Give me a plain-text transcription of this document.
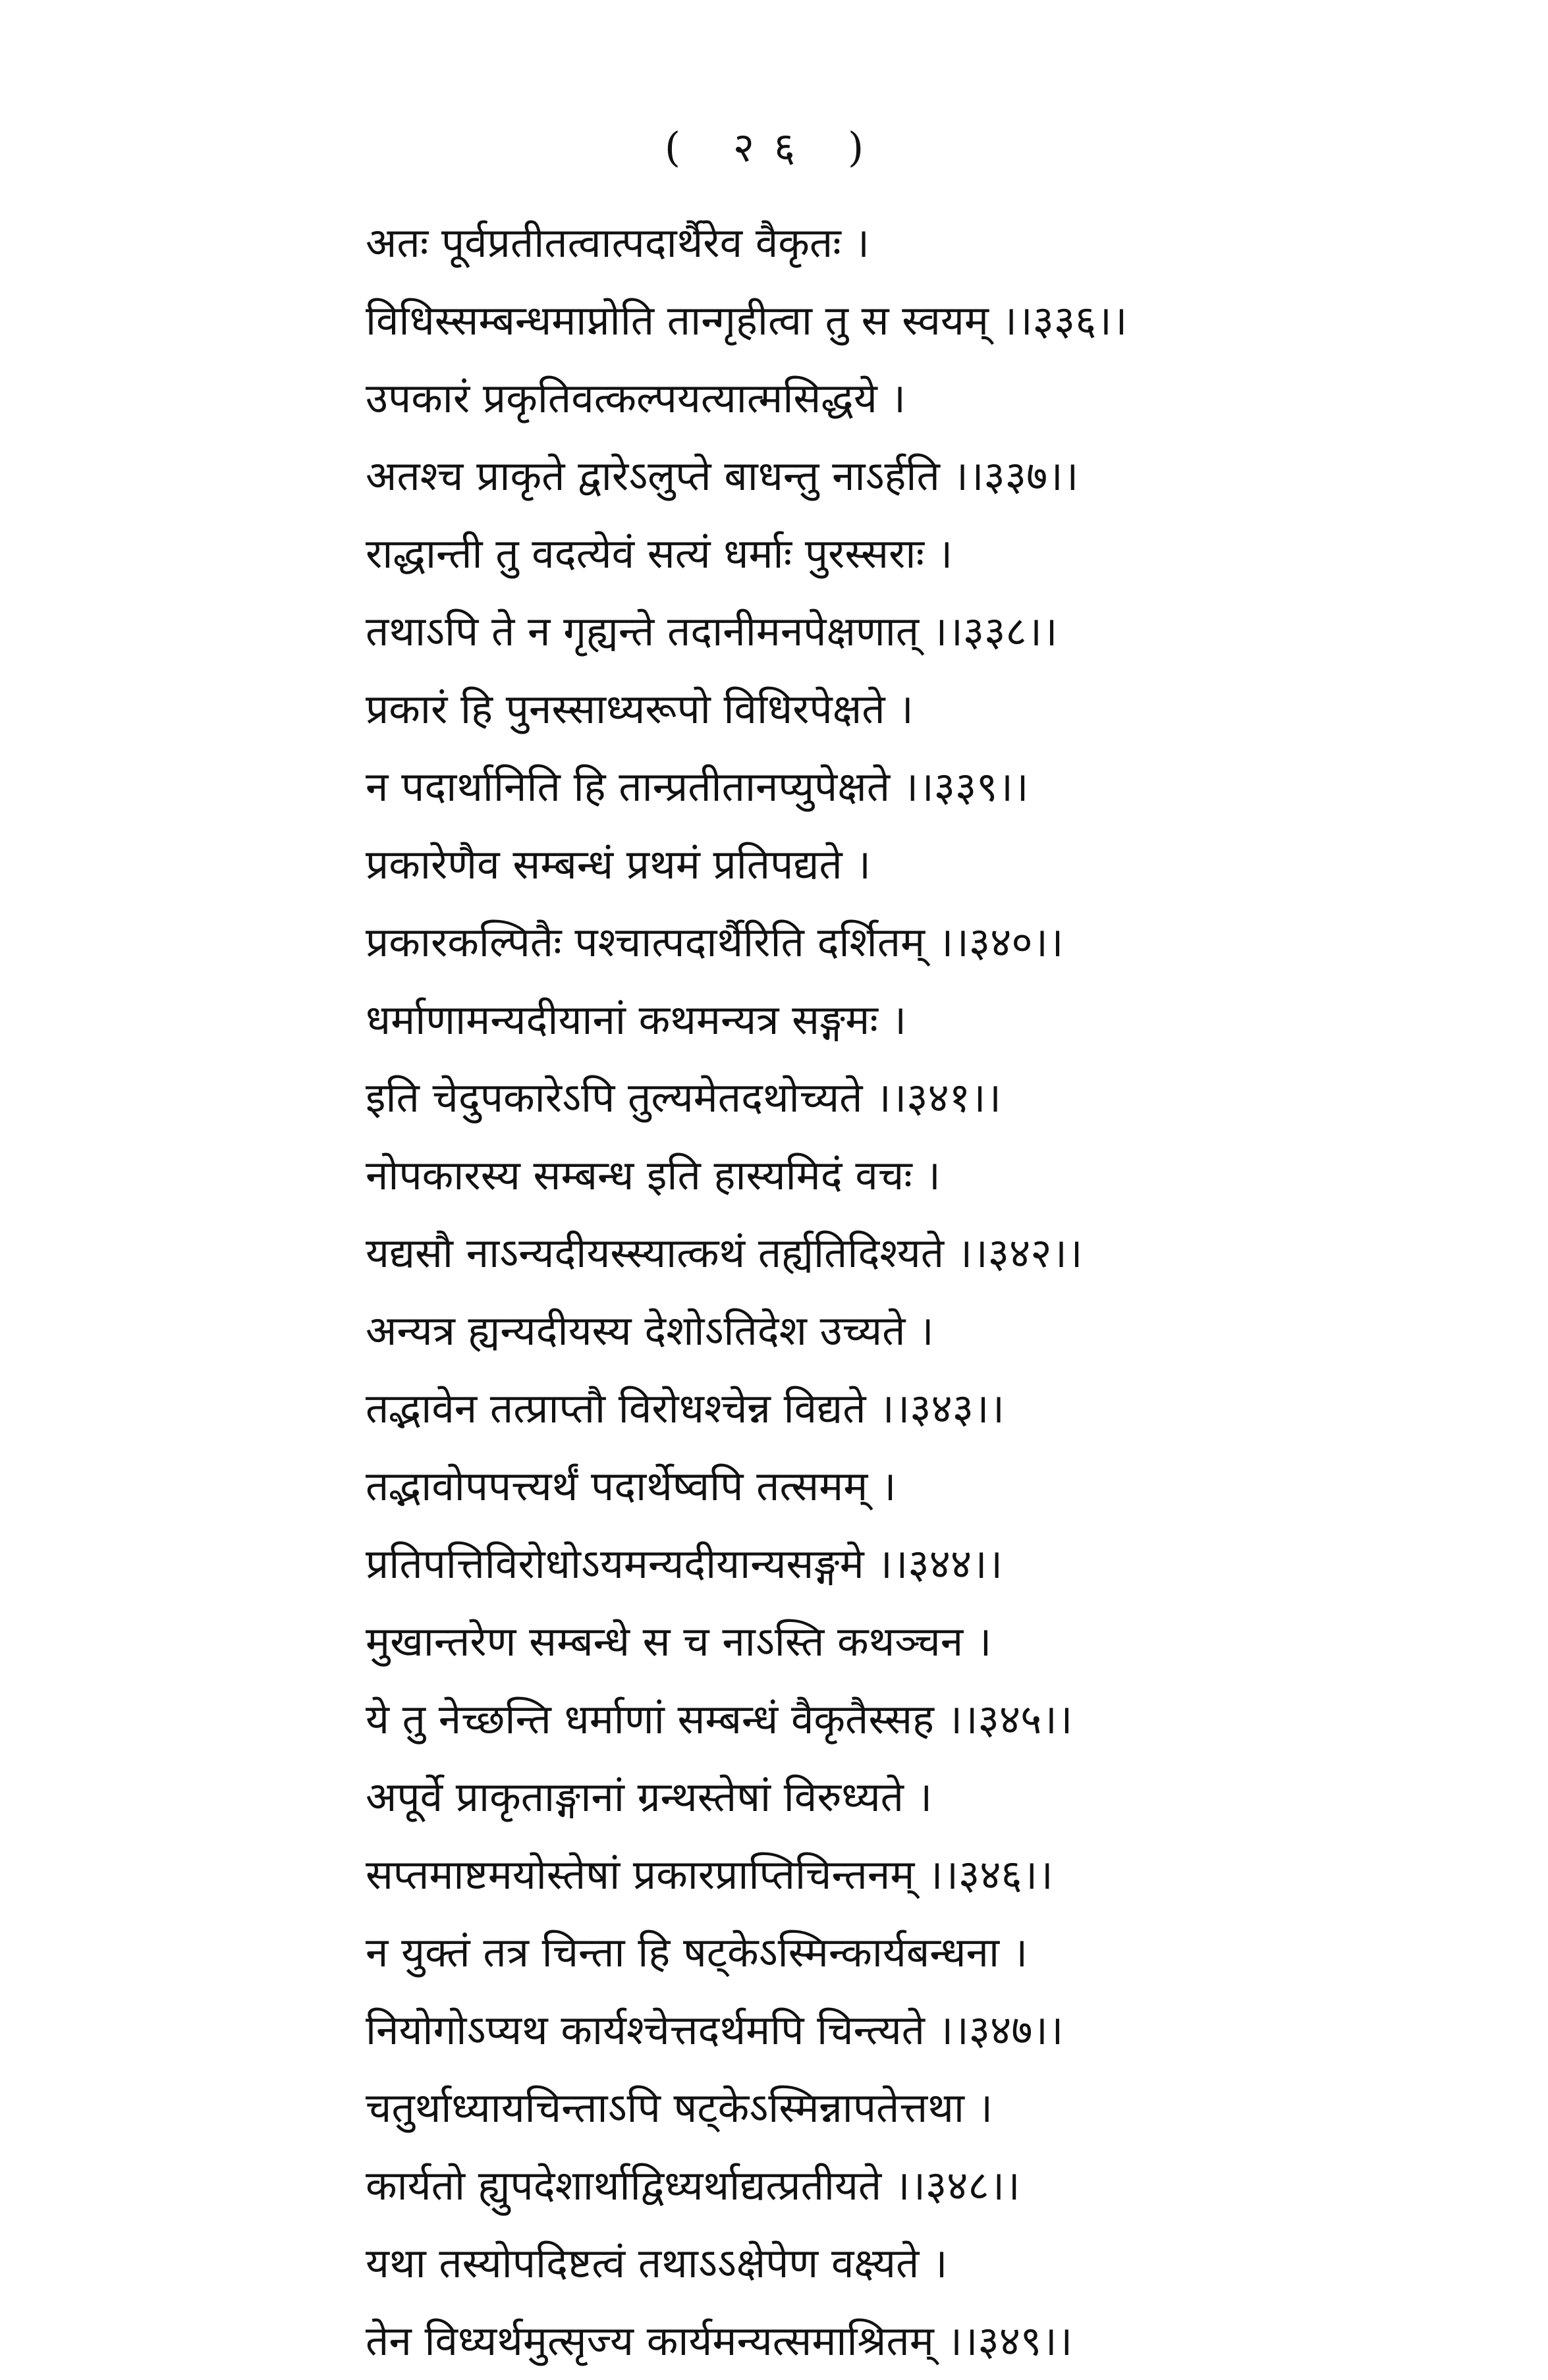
( २६ )
अतः पूर्वप्रतीतत्वात्पदार्थैरेव वैकृतः ।
विधिस्सम्बन्धमाप्नोति तान्गृहीत्वा तु स स्वयम् ।।३३६।।
उपकारं प्रकृतिवत्कल्पयत्यात्मसिद्धये ।
अतश्च प्राकृते द्वारेऽलुप्ते बाधन्तु नाऽर्हति ।।३३७।।
राद्धान्ती तु वदत्येवं सत्यं धर्माः पुरस्सराः ।
तथाऽपि ते न गृह्यन्ते तदानीमनपेक्षणात् ।।३३८।।
प्रकारं हि पुनस्साध्यरूपो विधिरपेक्षते ।
न पदार्थानिति हि तान्प्रतीतानप्युपेक्षते ।।३३९।।
प्रकारेणैव सम्बन्धं प्रथमं प्रतिपद्यते ।
प्रकारकल्पितैः पश्चात्पदार्थैरिति दर्शितम् ।।३४०।।
धर्माणामन्यदीयानां कथमन्यत्र सङ्गमः ।
इति चेदुपकारेऽपि तुल्यमेतदथोच्यते ।।३४१।।
नोपकारस्य सम्बन्ध इति हास्यमिदं वचः ।
यद्यसौ नाऽन्यदीयस्स्यात्कथं तर्ह्यतिदिश्यते ।।३४२।।
अन्यत्र ह्यन्यदीयस्य देशोऽतिदेश उच्यते ।
तद्भावेन तत्प्राप्तौ विरोधश्चेन्न विद्यते ।।३४३।।
तद्भावोपपत्त्यर्थं पदार्थेष्वपि तत्समम् ।
प्रतिपत्तिविरोधोऽयमन्यदीयान्यसङ्गमे ।।३४४।।
मुखान्तरेण सम्बन्धे स च नाऽस्ति कथञ्चन ।
ये तु नेच्छन्ति धर्माणां सम्बन्धं वैकृतैस्सह ।।३४५।।
अपूर्वे प्राकृताङ्गानां ग्रन्थस्तेषां विरुध्यते ।
सप्तमाष्टमयोस्तेषां प्रकारप्राप्तिचिन्तनम् ।।३४६।।
न युक्तं तत्र चिन्ता हि षट्केऽस्मिन्कार्यबन्धना ।
नियोगोऽप्यथ कार्यश्चेत्तदर्थमपि चिन्त्यते ।।३४७।।
चतुर्थाध्यायचिन्ताऽपि षट्केऽस्मिन्नापतेत्तथा ।
कार्यतो ह्युपदेशार्थाद्विध्यर्थाद्यत्प्रतीयते ।।३४८।।
यथा तस्योपदिष्टत्वं तथाऽऽक्षेपेण वक्ष्यते ।
तेन विध्यर्थमुत्सृज्य कार्यमन्यत्समाश्रितम् ।।३४९।।
